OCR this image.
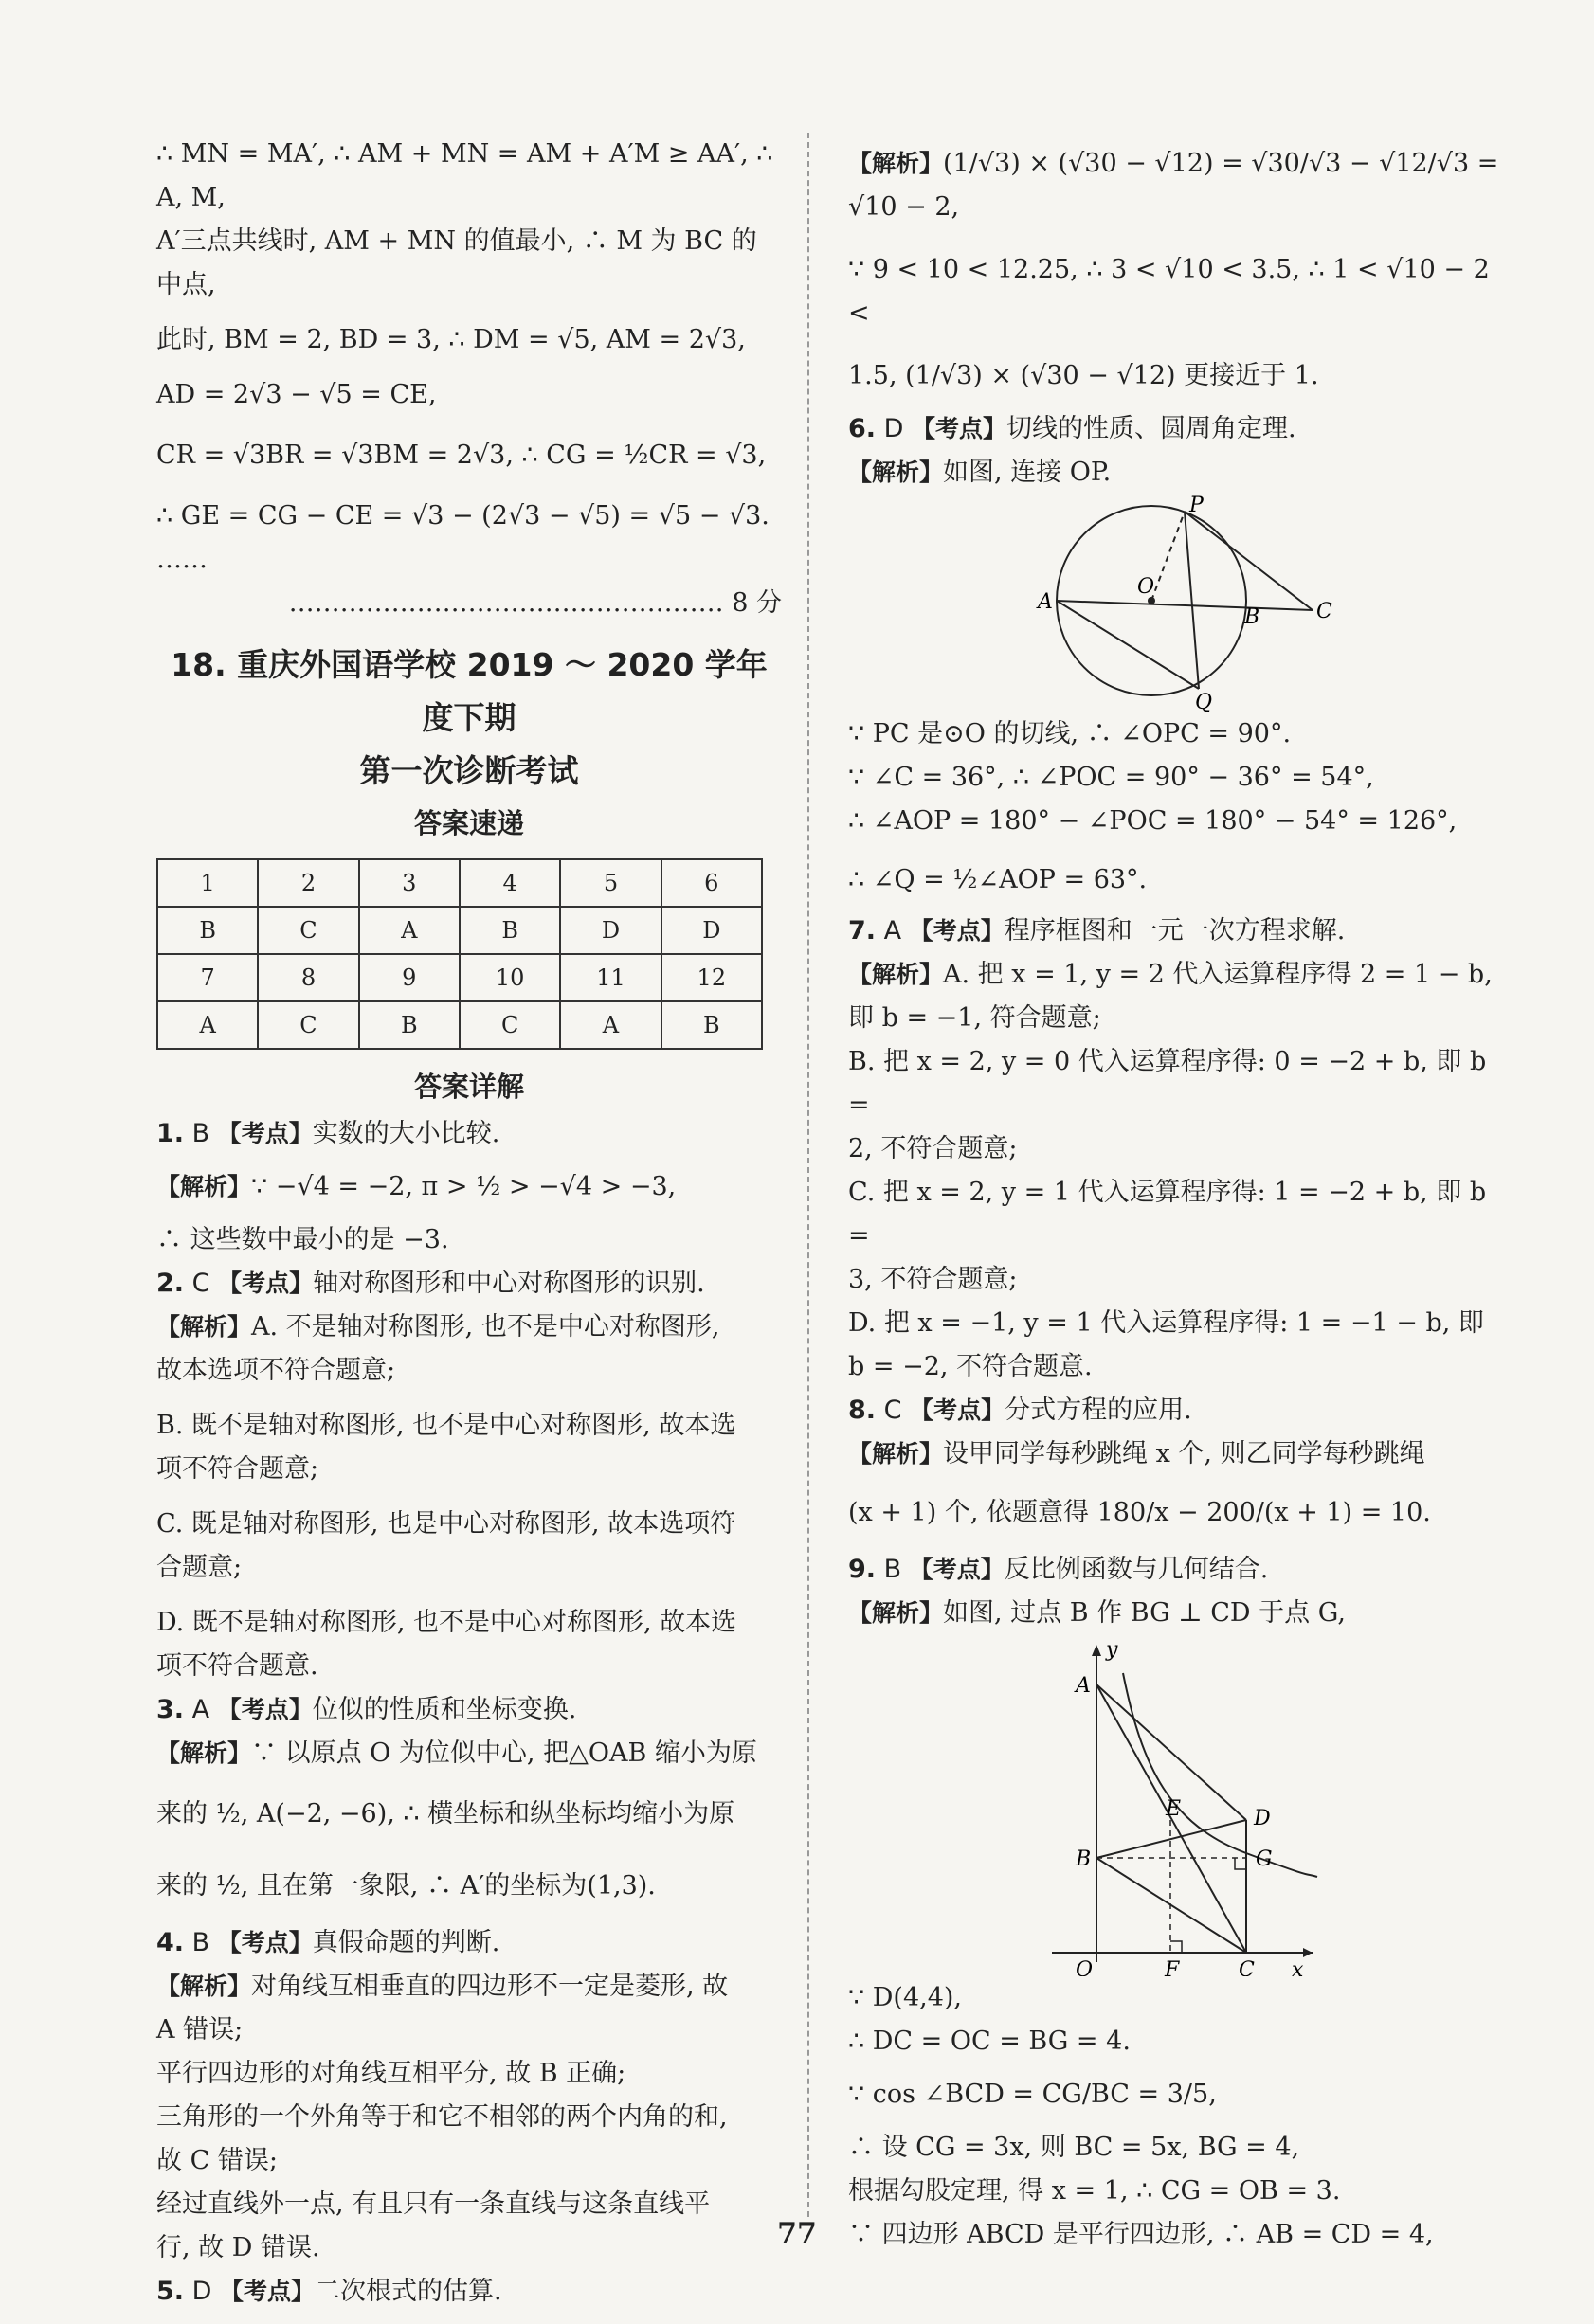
∴ MN = MA′, ∴ AM + MN = AM + A′M ≥ AA′, ∴ A, M,

A′三点共线时, AM + MN 的值最小, ∴ M 为 BC 的

中点,

此时, BM = 2, BD = 3, ∴ DM = √5, AM = 2√3,

AD = 2√3 − √5 = CE,

CR = √3BR = √3BM = 2√3, ∴ CG = ½CR = √3,

∴ GE = CG − CE = √3 − (2√3 − √5) = √5 − √3. ……

…………………………………………… 8 分

18. 重庆外国语学校 2019 ～ 2020 学年度下期
第一次诊断考试
答案速递
1	2	3	4	5	6
B	C	A	B	D	D
7	8	9	10	11	12
A	C	B	C	A	B
答案详解

1. B 【考点】实数的大小比较.

【解析】∵ −√4 = −2, π > ½ > −√4 > −3,

∴ 这些数中最小的是 −3.

2. C 【考点】轴对称图形和中心对称图形的识别.

【解析】A. 不是轴对称图形, 也不是中心对称图形,

故本选项不符合题意;

B. 既不是轴对称图形, 也不是中心对称图形, 故本选

项不符合题意;

C. 既是轴对称图形, 也是中心对称图形, 故本选项符

合题意;

D. 既不是轴对称图形, 也不是中心对称图形, 故本选

项不符合题意.

3. A 【考点】位似的性质和坐标变换.

【解析】∵ 以原点 O 为位似中心, 把△OAB 缩小为原

来的 ½, A(−2, −6), ∴ 横坐标和纵坐标均缩小为原

来的 ½, 且在第一象限, ∴ A′的坐标为(1,3).

4. B 【考点】真假命题的判断.

【解析】对角线互相垂直的四边形不一定是菱形, 故

A 错误;

平行四边形的对角线互相平分, 故 B 正确;

三角形的一个外角等于和它不相邻的两个内角的和,

故 C 错误;

经过直线外一点, 有且只有一条直线与这条直线平

行, 故 D 错误.

5. D 【考点】二次根式的估算.

【解析】(1/√3) × (√30 − √12) = √30/√3 − √12/√3 = √10 − 2,

∵ 9 < 10 < 12.25, ∴ 3 < √10 < 3.5, ∴ 1 < √10 − 2 <

1.5, (1/√3) × (√30 − √12) 更接近于 1.

6. D 【考点】切线的性质、圆周角定理.

【解析】如图, 连接 OP.

P
O
A
B	C
Q

∵ PC 是⊙O 的切线, ∴ ∠OPC = 90°.

∵ ∠C = 36°, ∴ ∠POC = 90° − 36° = 54°,

∴ ∠AOP = 180° − ∠POC = 180° − 54° = 126°,

∴ ∠Q = ½∠AOP = 63°.

7. A 【考点】程序框图和一元一次方程求解.

【解析】A. 把 x = 1, y = 2 代入运算程序得 2 = 1 − b,

即 b = −1, 符合题意;

B. 把 x = 2, y = 0 代入运算程序得: 0 = −2 + b, 即 b =

2, 不符合题意;

C. 把 x = 2, y = 1 代入运算程序得: 1 = −2 + b, 即 b =

3, 不符合题意;

D. 把 x = −1, y = 1 代入运算程序得: 1 = −1 − b, 即

b = −2, 不符合题意.

8. C 【考点】分式方程的应用.

【解析】设甲同学每秒跳绳 x 个, 则乙同学每秒跳绳

(x + 1) 个, 依题意得 180/x − 200/(x + 1) = 10.

9. B 【考点】反比例函数与几何结合.

【解析】如图, 过点 B 作 BG ⊥ CD 于点 G,

y
A
E	D
B	G
O	F	C x

∵ D(4,4),

∴ DC = OC = BG = 4.

∵ cos ∠BCD = CG/BC = 3/5,

∴ 设 CG = 3x, 则 BC = 5x, BG = 4,

根据勾股定理, 得 x = 1, ∴ CG = OB = 3.

∵ 四边形 ABCD 是平行四边形, ∴ AB = CD = 4,

77
